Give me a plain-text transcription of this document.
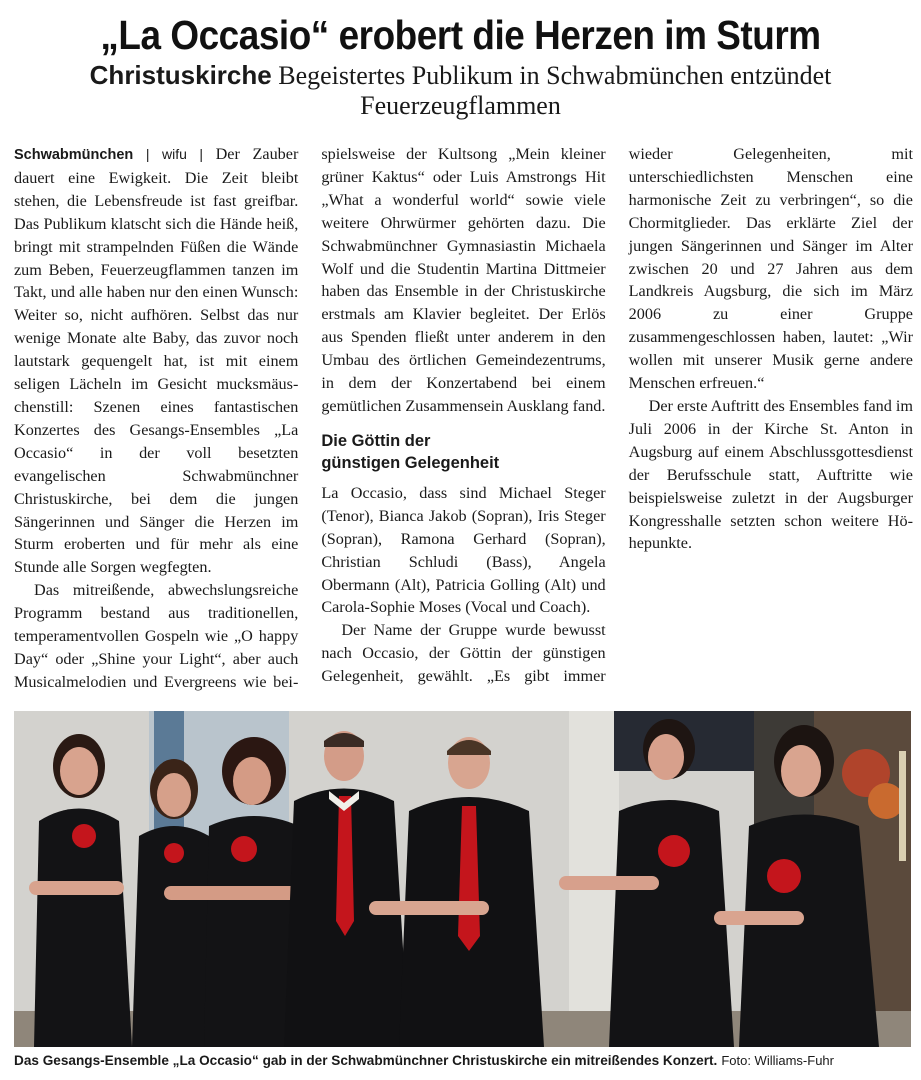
„La Occasio“ erobert die Herzen im Sturm
Christuskirche Begeistertes Publikum in Schwabmünchen entzündet Feuerzeugflammen

Schwabmünchen | wifu | Der Zauber dauert eine Ewigkeit. Die Zeit bleibt stehen, die Lebensfreude ist fast greifbar. Das Publikum klatscht sich die Hände heiß, bringt mit strampelnden Füßen die Wände zum Beben, Feuerzeugflammen tanzen im Takt, und alle haben nur den einen Wunsch: Weiter so, nicht aufhören. Selbst das nur wenige Monate alte Baby, das zuvor noch lautstark gequengelt hat, ist mit einem seligen Lächeln im Gesicht mucksmäuschenstill: Szenen eines fantastischen Konzertes des Gesangs-Ensembles „La Occasio“ in der voll besetzten evangelischen Schwabmünchner Christuskirche, bei dem die jungen Sängerinnen und Sänger die Herzen im Sturm eroberten und für mehr als eine Stunde alle Sorgen wegfegten.

Das mitreißende, abwechslungsreiche Programm bestand aus traditionellen, temperamentvollen Gospeln wie „O happy Day“ oder „Shine your Light“, aber auch Musicalmelodien und Evergreens wie beispielsweise der Kultsong „Mein kleiner grüner Kaktus“ oder Luis Amstrongs Hit „What a wonderful world“ sowie viele weitere Ohrwürmer gehörten dazu. Die Schwabmünchner Gymnasiastin Michaela Wolf und die Studentin Martina Dittmeier haben das Ensemble in der Christuskirche erstmals am Klavier begleitet. Der Erlös aus Spenden fließt unter anderem in den Umbau des örtlichen Gemeindezentrums, in dem der Konzertabend bei einem gemütlichen Zusammensein Ausklang fand.

Die Göttin der günstigen Gelegenheit

La Occasio, dass sind Michael Steger (Tenor), Bianca Jakob (Sopran), Iris Steger (Sopran), Ramona Gerhard (Sopran), Christian Schludi (Bass), Angela Obermann (Alt), Patricia Golling (Alt) und Carola-Sophie Moses (Vocal und Coach).

Der Name der Gruppe wurde bewusst nach Occasio, der Göttin der günstigen Gelegenheit, gewählt. „Es gibt immer wieder Gelegenheiten, mit unterschiedlichsten Menschen eine harmonische Zeit zu verbringen“, so die Chormitglieder. Das erklärte Ziel der jungen Sängerinnen und Sänger im Alter zwischen 20 und 27 Jahren aus dem Landkreis Augsburg, die sich im März 2006 zu einer Gruppe zusammengeschlossen haben, lautet: „Wir wollen mit unserer Musik gerne andere Menschen erfreuen.“

Der erste Auftritt des Ensembles fand im Juli 2006 in der Kirche St. Anton in Augsburg auf einem Abschlussgottesdienst der Berufsschule statt, Auftritte wie beispielsweise zuletzt in der Augsburger Kongresshalle setzten schon weitere Höhepunkte.

Das Gesangs-Ensemble „La Occasio“ gab in der Schwabmünchner Christuskirche ein mitreißendes Konzert. Foto: Williams-Fuhr
